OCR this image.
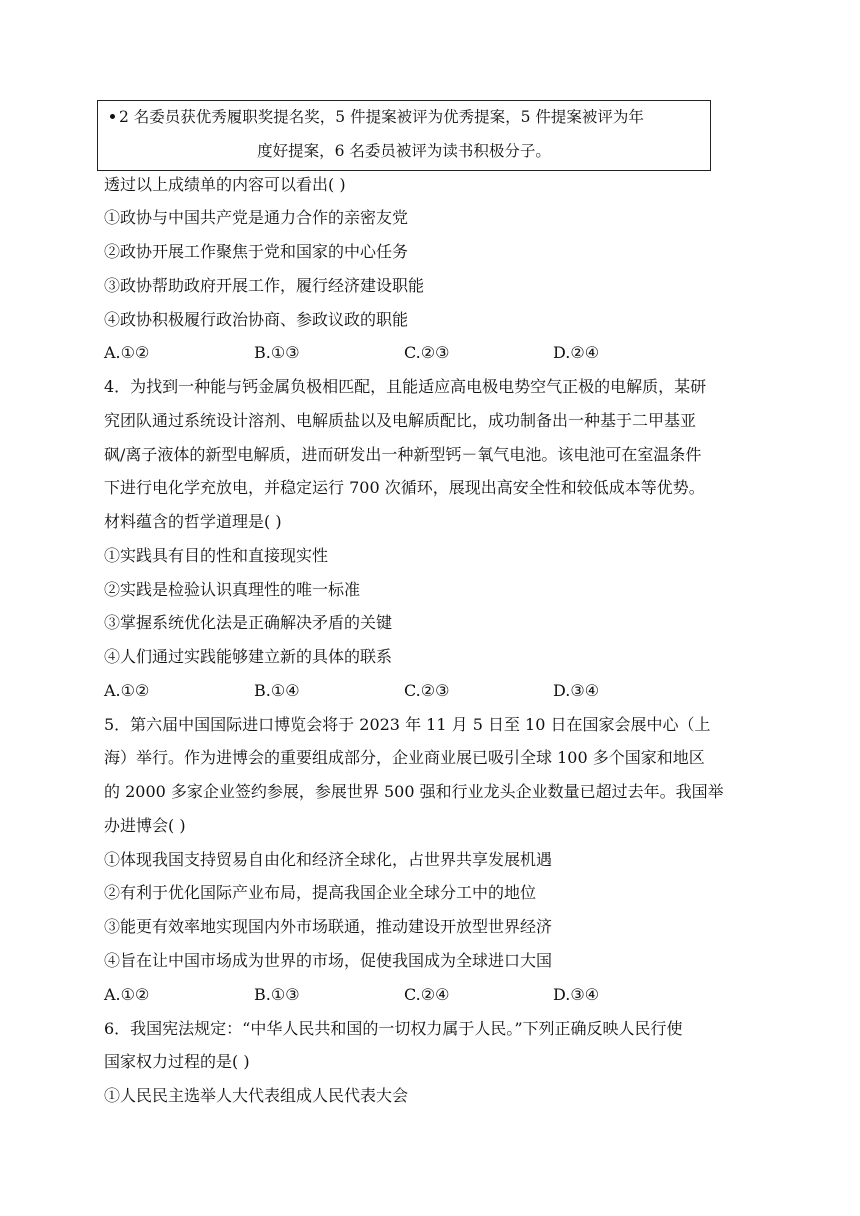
2 名委员获优秀履职奖提名奖，5 件提案被评为优秀提案，5 件提案被评为年
度好提案，6 名委员被评为读书积极分子。
透过以上成绩单的内容可以看出( )
①政协与中国共产党是通力合作的亲密友党
②政协开展工作聚焦于党和国家的中心任务
③政协帮助政府开展工作，履行经济建设职能
④政协积极履行政治协商、参政议政的职能
A.①②	B.①③	C.②③	D.②④
4．为找到一种能与钙金属负极相匹配，且能适应高电极电势空气正极的电解质，某研
究团队通过系统设计溶剂、电解质盐以及电解质配比，成功制备出一种基于二甲基亚
砜/离子液体的新型电解质，进而研发出一种新型钙－氧气电池。该电池可在室温条件
下进行电化学充放电，并稳定运行 700 次循环，展现出高安全性和较低成本等优势。
材料蕴含的哲学道理是( )
①实践具有目的性和直接现实性
②实践是检验认识真理性的唯一标准
③掌握系统优化法是正确解决矛盾的关键
④人们通过实践能够建立新的具体的联系
A.①②	B.①④	C.②③	D.③④
5．第六届中国国际进口博览会将于 2023 年 11 月 5 日至 10 日在国家会展中心（上
海）举行。作为进博会的重要组成部分，企业商业展已吸引全球 100 多个国家和地区
的 2000 多家企业签约参展，参展世界 500 强和行业龙头企业数量已超过去年。我国举
办进博会( )
①体现我国支持贸易自由化和经济全球化，占世界共享发展机遇
②有利于优化国际产业布局，提高我国企业全球分工中的地位
③能更有效率地实现国内外市场联通，推动建设开放型世界经济
④旨在让中国市场成为世界的市场，促使我国成为全球进口大国
A.①②	B.①③	C.②④	D.③④
6．我国宪法规定：“中华人民共和国的一切权力属于人民。”下列正确反映人民行使
国家权力过程的是( )
①人民民主选举人大代表组成人民代表大会
